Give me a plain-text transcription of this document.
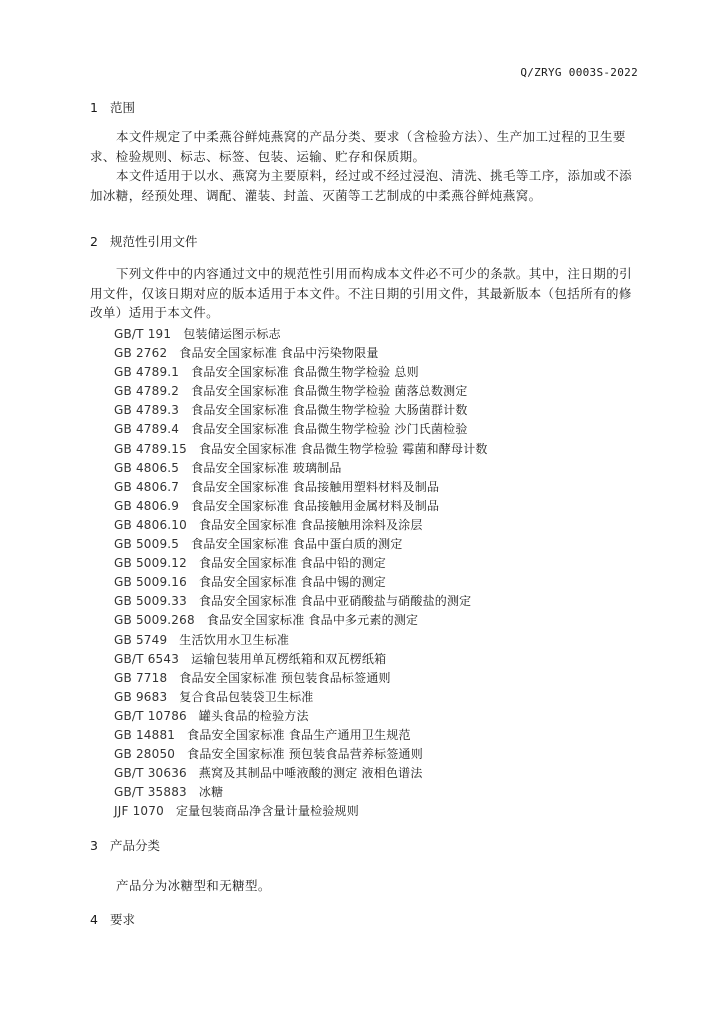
Q/ZRYG 0003S-2022
1 范围

本文件规定了中柔燕谷鲜炖燕窝的产品分类、要求（含检验方法）、生产加工过程的卫生要求、检验规则、标志、标签、包装、运输、贮存和保质期。

本文件适用于以水、燕窝为主要原料，经过或不经过浸泡、清洗、挑毛等工序，添加或不添加冰糖，经预处理、调配、灌装、封盖、灭菌等工艺制成的中柔燕谷鲜炖燕窝。

2 规范性引用文件

下列文件中的内容通过文中的规范性引用而构成本文件必不可少的条款。其中，注日期的引用文件，仅该日期对应的版本适用于本文件。不注日期的引用文件，其最新版本（包括所有的修改单）适用于本文件。

GB/T 191 包装储运图示标志
GB 2762 食品安全国家标准 食品中污染物限量
GB 4789.1 食品安全国家标准 食品微生物学检验 总则
GB 4789.2 食品安全国家标准 食品微生物学检验 菌落总数测定
GB 4789.3 食品安全国家标准 食品微生物学检验 大肠菌群计数
GB 4789.4 食品安全国家标准 食品微生物学检验 沙门氏菌检验
GB 4789.15 食品安全国家标准 食品微生物学检验 霉菌和酵母计数
GB 4806.5 食品安全国家标准 玻璃制品
GB 4806.7 食品安全国家标准 食品接触用塑料材料及制品
GB 4806.9 食品安全国家标准 食品接触用金属材料及制品
GB 4806.10 食品安全国家标准 食品接触用涂料及涂层
GB 5009.5 食品安全国家标准 食品中蛋白质的测定
GB 5009.12 食品安全国家标准 食品中铅的测定
GB 5009.16 食品安全国家标准 食品中锡的测定
GB 5009.33 食品安全国家标准 食品中亚硝酸盐与硝酸盐的测定
GB 5009.268 食品安全国家标准 食品中多元素的测定
GB 5749 生活饮用水卫生标准
GB/T 6543 运输包装用单瓦楞纸箱和双瓦楞纸箱
GB 7718 食品安全国家标准 预包装食品标签通则
GB 9683 复合食品包装袋卫生标准
GB/T 10786 罐头食品的检验方法
GB 14881 食品安全国家标准 食品生产通用卫生规范
GB 28050 食品安全国家标准 预包装食品营养标签通则
GB/T 30636 燕窝及其制品中唾液酸的测定 液相色谱法
GB/T 35883 冰糖
JJF 1070 定量包装商品净含量计量检验规则
3 产品分类

产品分为冰糖型和无糖型。

4 要求
